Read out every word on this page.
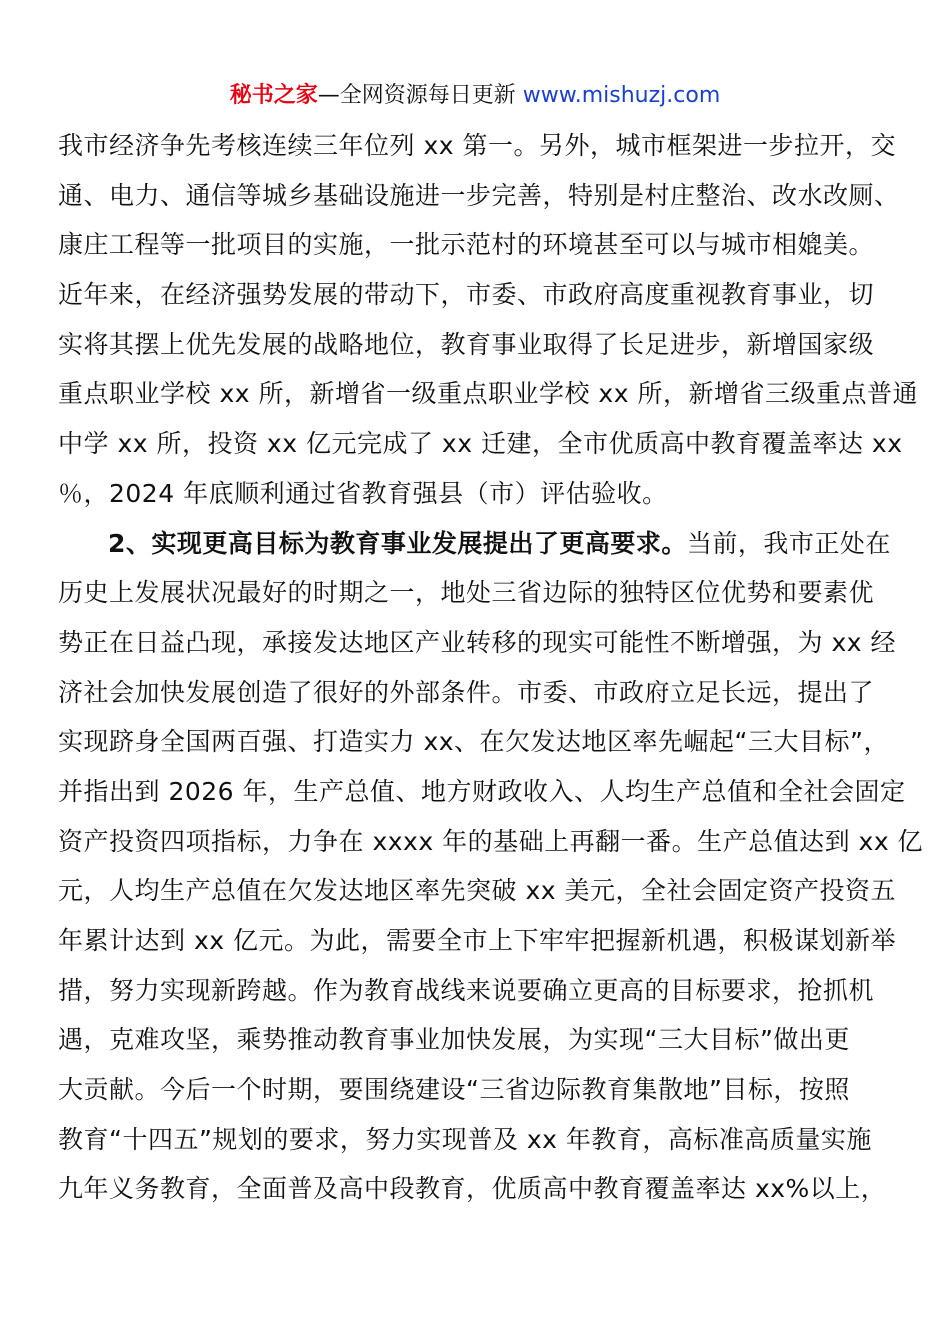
秘书之家—全网资源每日更新 www.mishuzj.com
我市经济争先考核连续三年位列 xx 第一。另外，城市框架进一步拉开，交
通、电力、通信等城乡基础设施进一步完善，特别是村庄整治、改水改厕、
康庄工程等一批项目的实施，一批示范村的环境甚至可以与城市相媲美。
近年来，在经济强势发展的带动下，市委、市政府高度重视教育事业，切
实将其摆上优先发展的战略地位，教育事业取得了长足进步，新增国家级
重点职业学校 xx 所，新增省一级重点职业学校 xx 所，新增省三级重点普通
中学 xx 所，投资 xx 亿元完成了 xx 迁建，全市优质高中教育覆盖率达 xx
％，2024 年底顺利通过省教育强县（市）评估验收。
2、实现更高目标为教育事业发展提出了更高要求。当前，我市正处在
历史上发展状况最好的时期之一，地处三省边际的独特区位优势和要素优
势正在日益凸现，承接发达地区产业转移的现实可能性不断增强，为 xx 经
济社会加快发展创造了很好的外部条件。市委、市政府立足长远，提出了
实现跻身全国两百强、打造实力 xx、在欠发达地区率先崛起“三大目标”，
并指出到 2026 年，生产总值、地方财政收入、人均生产总值和全社会固定
资产投资四项指标，力争在 xxxx 年的基础上再翻一番。生产总值达到 xx 亿
元，人均生产总值在欠发达地区率先突破 xx 美元，全社会固定资产投资五
年累计达到 xx 亿元。为此，需要全市上下牢牢把握新机遇，积极谋划新举
措，努力实现新跨越。作为教育战线来说要确立更高的目标要求，抢抓机
遇，克难攻坚，乘势推动教育事业加快发展，为实现“三大目标”做出更
大贡献。今后一个时期，要围绕建设“三省边际教育集散地”目标，按照
教育“十四五”规划的要求，努力实现普及 xx 年教育，高标准高质量实施
九年义务教育，全面普及高中段教育，优质高中教育覆盖率达 xx%以上，
